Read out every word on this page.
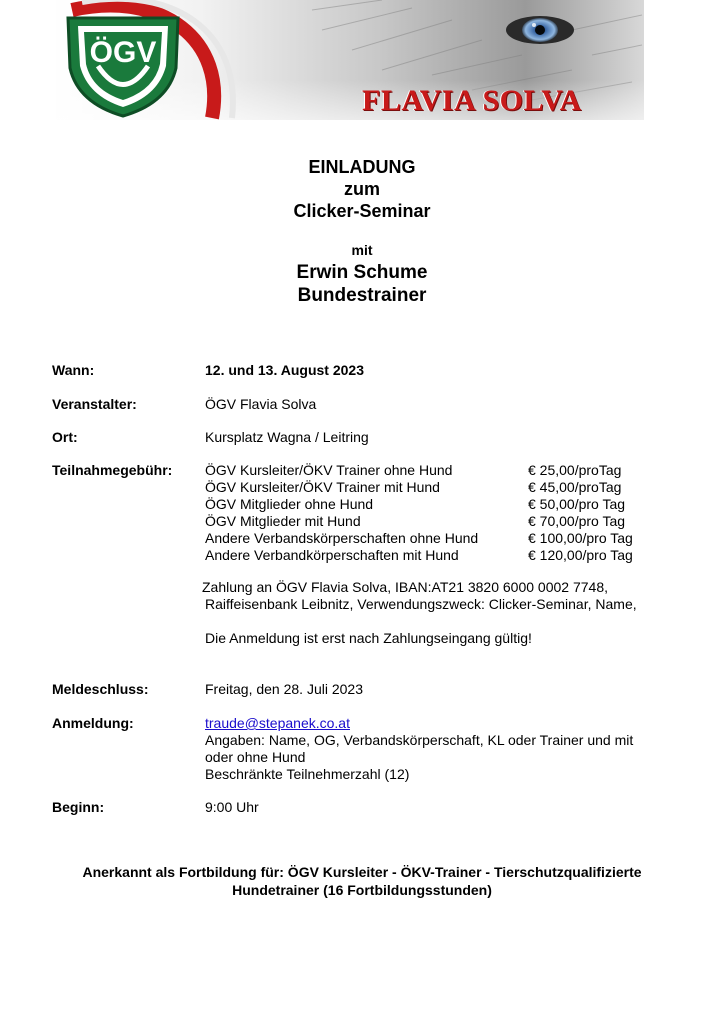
ÖGV
FLAVIA SOLVA
EINLADUNG
zum
Clicker-Seminar
mit
Erwin Schume
Bundestrainer
Wann:	12. und 13. August 2023
Veranstalter:	ÖGV Flavia Solva
Ort:	Kursplatz Wagna / Leitring
Teilnahmegebühr: ÖGV Kursleiter/ÖKV Trainer ohne Hund	€ 25,00/proTag
ÖGV Kursleiter/ÖKV Trainer mit Hund	€ 45,00/proTag
ÖGV Mitglieder ohne Hund	€ 50,00/pro Tag
ÖGV Mitglieder mit Hund	€ 70,00/pro Tag
Andere Verbandskörperschaften ohne Hund	€ 100,00/pro Tag
Andere Verbandkörperschaften mit Hund	€ 120,00/pro Tag
Zahlung an ÖGV Flavia Solva, IBAN:AT21 3820 6000 0002 7748,
Raiffeisenbank Leibnitz, Verwendungszweck: Clicker-Seminar, Name,
Die Anmeldung ist erst nach Zahlungseingang gültig!
Meldeschluss:	Freitag, den 28. Juli 2023
Anmeldung:	traude@stepanek.co.at
Angaben: Name, OG, Verbandskörperschaft, KL oder Trainer und mit
oder ohne Hund
Beschränkte Teilnehmerzahl (12)
Beginn:	9:00 Uhr
Anerkannt als Fortbildung für: ÖGV Kursleiter - ÖKV-Trainer - Tierschutzqualifizierte
Hundetrainer (16 Fortbildungsstunden)
